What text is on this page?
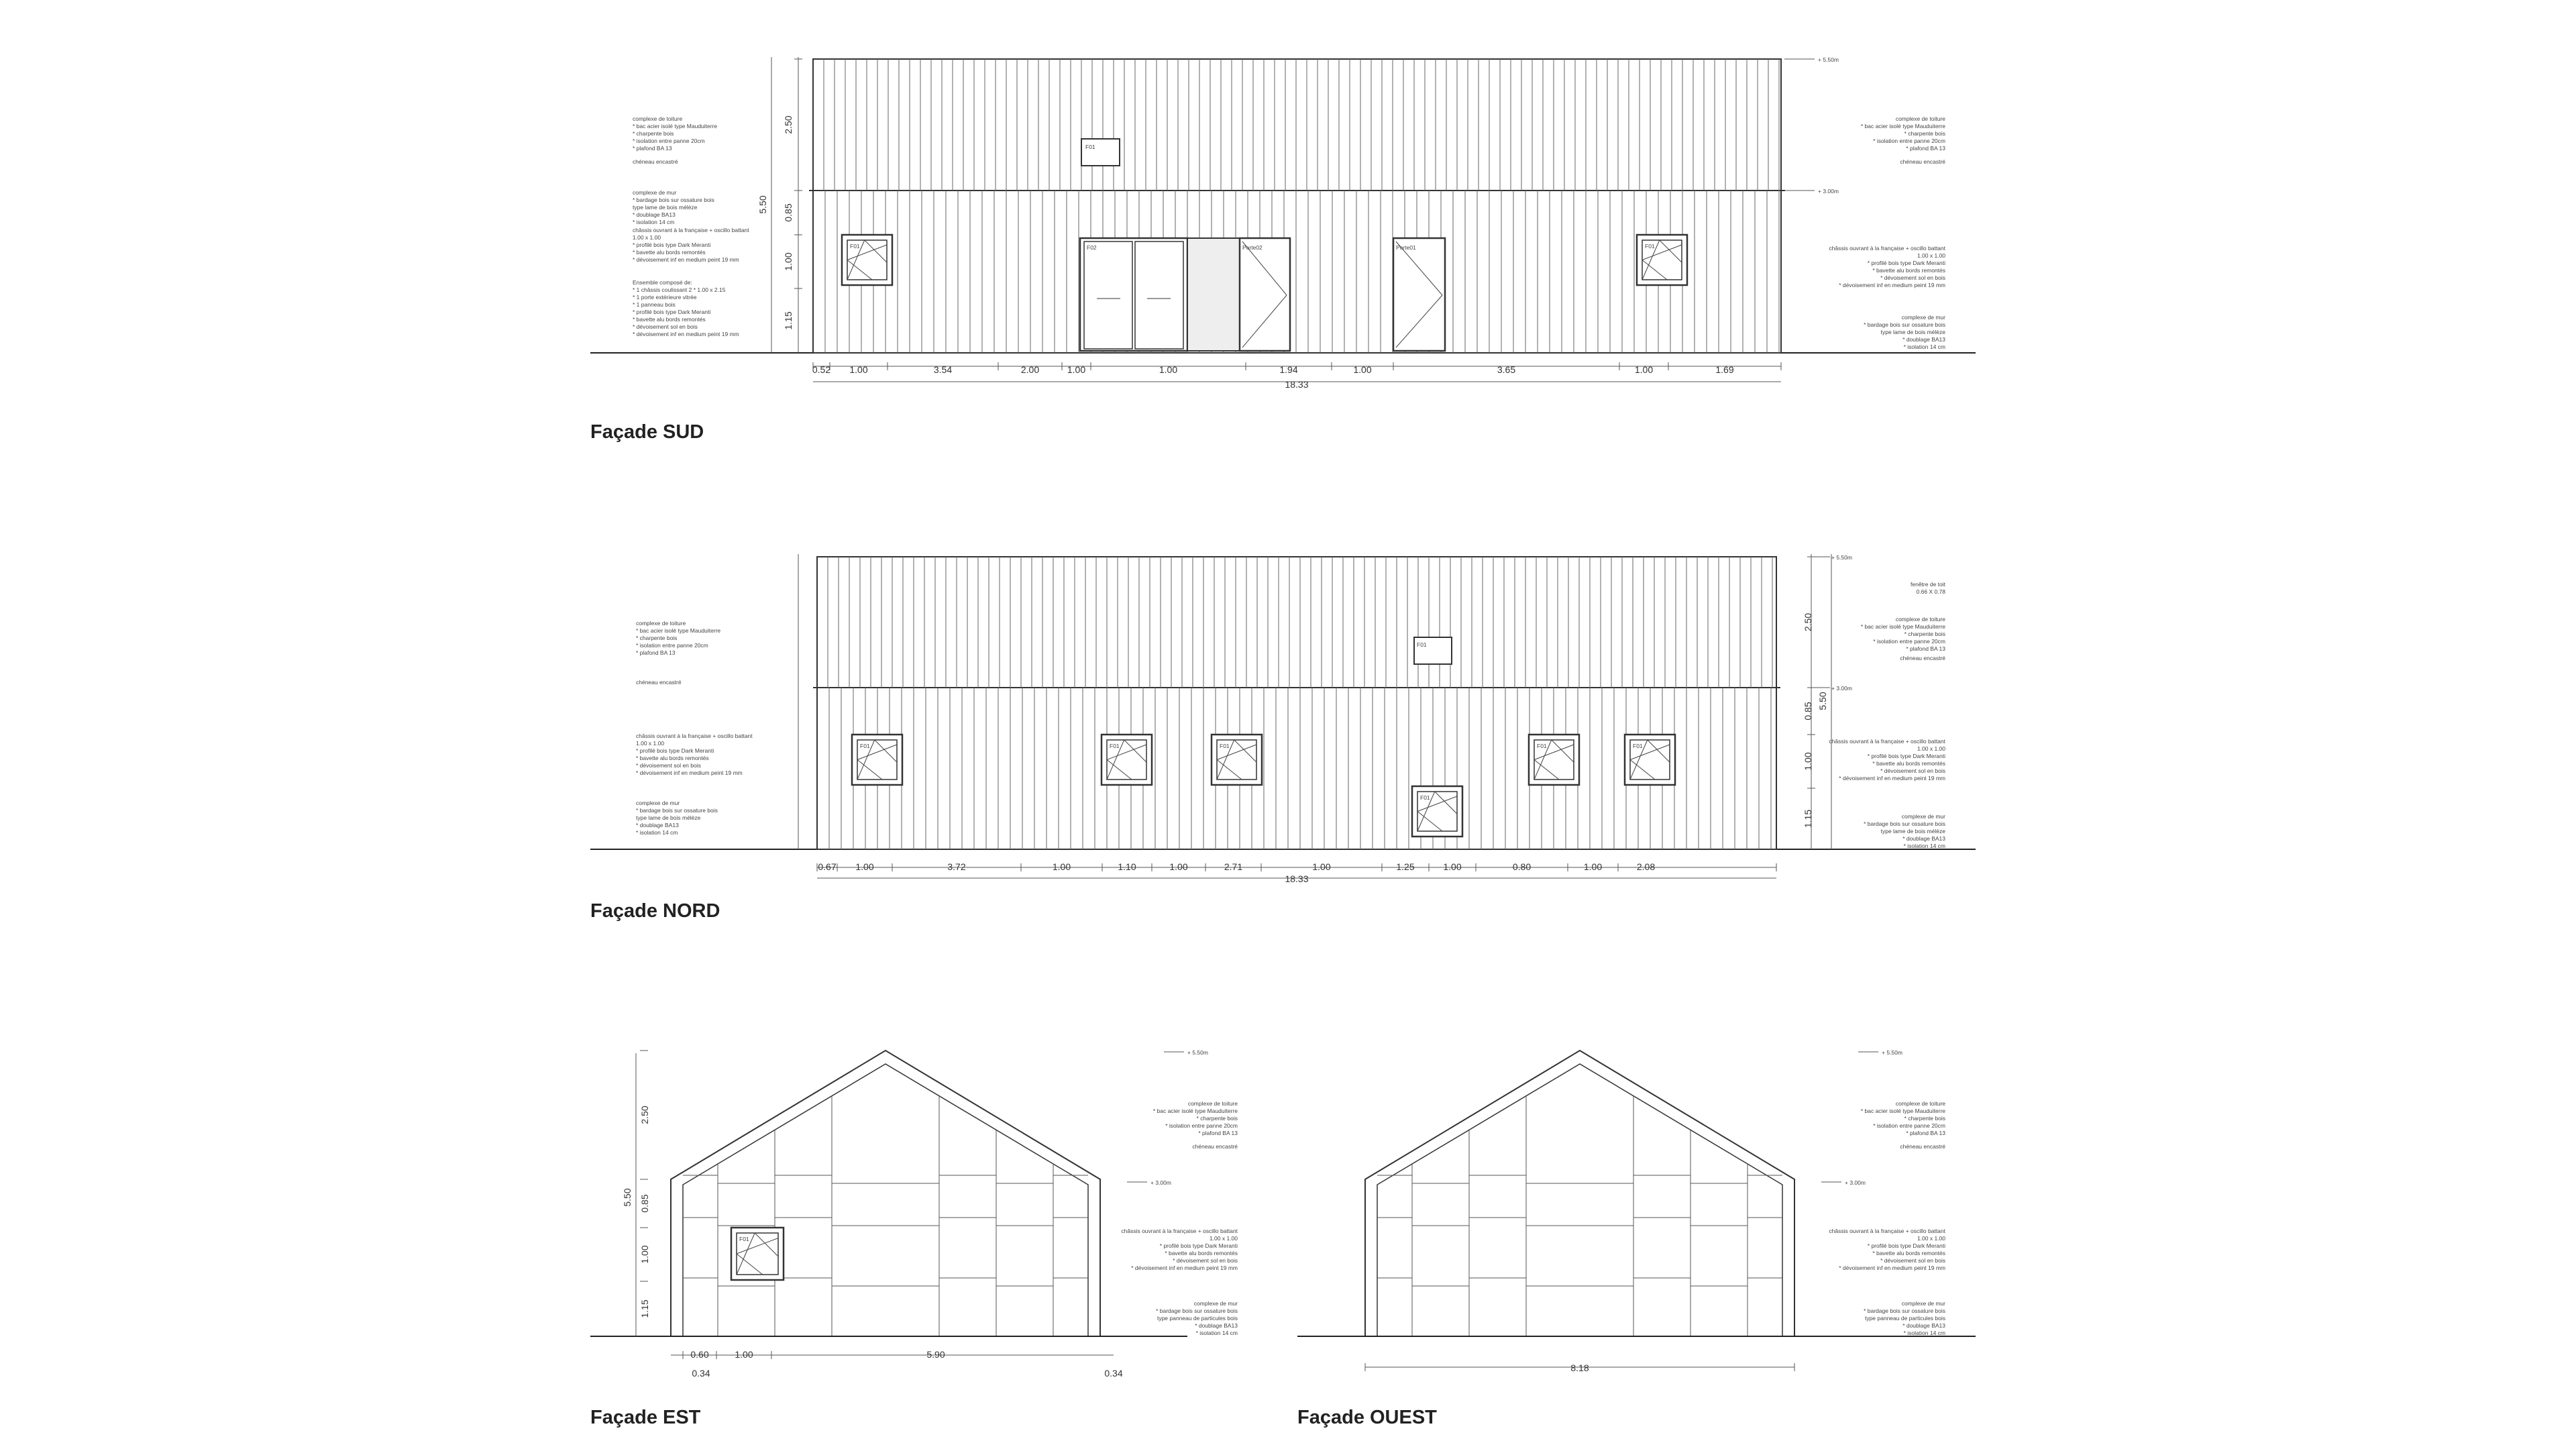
F01
F01	F02	Porte02	Porte01	F01
2.50
0.85
1.00
1.15
5.50
0.52 1.00	3.54	2.00	1.00	1.00	1.94	1.00	3.65	1.00	1.69
18.33
+ 5.50m
+ 3.00m
complexe de toiture
* bac acier isolé type Mauduiterre
* charpente bois
* isolation entre panne 20cm
* plafond BA 13
chéneau encastré
complexe de mur
* bardage bois sur ossature bois
type lame de bois mélèze
* doublage BA13
* isolation 14 cm
châssis ouvrant à la française + oscillo battant
1.00 x 1.00
* profilé bois type Dark Meranti
* bavette alu bords remontés
* dévoisement inf en medium peint 19 mm
Ensemble composé de:
* 1 châssis coulissant 2 * 1.00 x 2.15
* 1 porte extérieure vitrée
* 1 panneau bois
* profilé bois type Dark Meranti
* bavette alu bords remontés
* dévoisement sol en bois
* dévoisement inf en medium peint 19 mm
complexe de toiture
* bac acier isolé type Mauduiterre
* charpente bois
* isolation entre panne 20cm
* plafond BA 13
chéneau encastré
châssis ouvrant à la française + oscillo battant
1.00 x 1.00
* profilé bois type Dark Meranti
* bavette alu bords remontés
* dévoisement sol en bois
* dévoisement inf en medium peint 19 mm
complexe de mur
* bardage bois sur ossature bois
type lame de bois mélèze
* doublage BA13
* isolation 14 cm
F01
F01	F01	F01	F01	F01
F01
2.50
0.85
1.00
1.15
5.50
0.67 1.00	3.72	1.00	1.10	1.00	2.71	1.00	1.25	1.00	0.80	1.00	2.08
18.33
+ 5.50m
+ 3.00m
complexe de toiture
* bac acier isolé type Mauduiterre
* charpente bois
* isolation entre panne 20cm
* plafond BA 13
chéneau encastré
châssis ouvrant à la française + oscillo battant
1.00 x 1.00
* profilé bois type Dark Meranti
* bavette alu bords remontés
* dévoisement sol en bois
* dévoisement inf en medium peint 19 mm
complexe de mur
* bardage bois sur ossature bois
type lame de bois mélèze
* doublage BA13
* isolation 14 cm
fenêtre de toit
0.66 X 0.78
complexe de toiture
* bac acier isolé type Mauduiterre
* charpente bois
* isolation entre panne 20cm
* plafond BA 13
chéneau encastré
châssis ouvrant à la française + oscillo battant
1.00 x 1.00
* profilé bois type Dark Meranti
* bavette alu bords remontés
* dévoisement sol en bois
* dévoisement inf en medium peint 19 mm
complexe de mur
* bardage bois sur ossature bois
type lame de bois mélèze
* doublage BA13
* isolation 14 cm
F01
+ 5.50m
+ 3.00m
complexe de toiture
* bac acier isolé type Mauduiterre
* charpente bois
* isolation entre panne 20cm
* plafond BA 13
chéneau encastré
châssis ouvrant à la française + oscillo battant
1.00 x 1.00
* profilé bois type Dark Meranti
* bavette alu bords remontés
* dévoisement sol en bois
* dévoisement inf en medium peint 19 mm
complexe de mur
* bardage bois sur ossature bois
type panneau de particules bois
* doublage BA13
* isolation 14 cm
2.50
0.85
1.00
1.15
5.50
0.60	1.00	5.90
0.34	0.34
+ 5.50m
+ 3.00m
complexe de toiture
* bac acier isolé type Mauduiterre
* charpente bois
* isolation entre panne 20cm
* plafond BA 13
chéneau encastré
châssis ouvrant à la française + oscillo battant
1.00 x 1.00
* profilé bois type Dark Meranti
* bavette alu bords remontés
* dévoisement sol en bois
* dévoisement inf en medium peint 19 mm
complexe de mur
* bardage bois sur ossature bois
type panneau de particules bois
* doublage BA13
* isolation 14 cm
8.18
Façade SUD
Façade NORD
Façade EST	Façade OUEST
